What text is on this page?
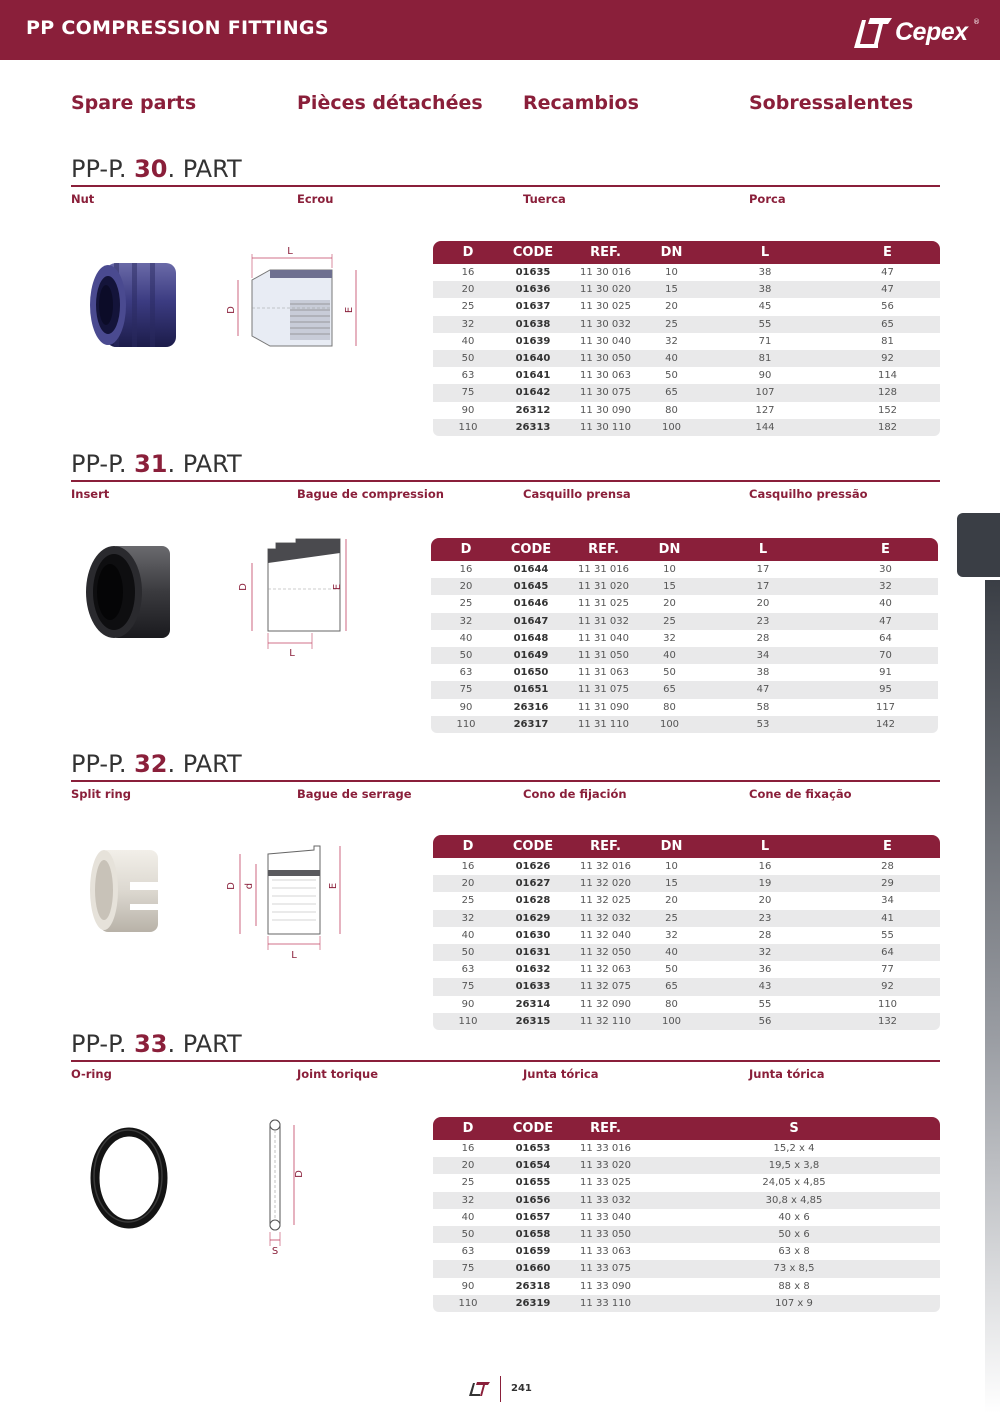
PP COMPRESSION FITTINGS	Cepex ®
Spare parts	Pièces détachées Recambios	Sobressalentes
PP-P. 30. PART
Nut	Ecrou	Tuerca	Porca
L
D	E
D	CODE	REF.	DN	L	E
16	01635	11 30 016	10	38	47
20	01636	11 30 020	15	38	47
25	01637	11 30 025	20	45	56
32	01638	11 30 032	25	55	65
40	01639	11 30 040	32	71	81
50	01640	11 30 050	40	81	92
63	01641	11 30 063	50	90	114
75	01642	11 30 075	65	107	128
90	26312	11 30 090	80	127	152
110	26313	11 30 110	100	144	182
PP-P. 31. PART
Insert	Bague de compression	Casquillo prensa	Casquilho pressão
L
D	E
D	CODE	REF.	DN	L	E
16	01644	11 31 016	10	17	30
20	01645	11 31 020	15	17	32
25	01646	11 31 025	20	20	40
32	01647	11 31 032	25	23	47
40	01648	11 31 040	32	28	64
50	01649	11 31 050	40	34	70
63	01650	11 31 063	50	38	91
75	01651	11 31 075	65	47	95
90	26316	11 31 090	80	58	117
110	26317	11 31 110	100	53	142
PP-P. 32. PART
Split ring	Bague de serrage	Cono de fijación	Cone de fixação
L
D d	E
D	CODE	REF.	DN	L	E
16	01626	11 32 016	10	16	28
20	01627	11 32 020	15	19	29
25	01628	11 32 025	20	20	34
32	01629	11 32 032	25	23	41
40	01630	11 32 040	32	28	55
50	01631	11 32 050	40	32	64
63	01632	11 32 063	50	36	77
75	01633	11 32 075	65	43	92
90	26314	11 32 090	80	55	110
110	26315	11 32 110	100	56	132
PP-P. 33. PART
O-ring	Joint torique	Junta tórica	Junta tórica
S
D
D	CODE	REF.	S
16	01653	11 33 016	15,2 x 4
20	01654	11 33 020	19,5 x 3,8
25	01655	11 33 025	24,05 x 4,85
32	01656	11 33 032	30,8 x 4,85
40	01657	11 33 040	40 x 6
50	01658	11 33 050	50 x 6
63	01659	11 33 063	63 x 8
75	01660	11 33 075	73 x 8,5
90	26318	11 33 090	88 x 8
110	26319	11 33 110	107 x 9
241
